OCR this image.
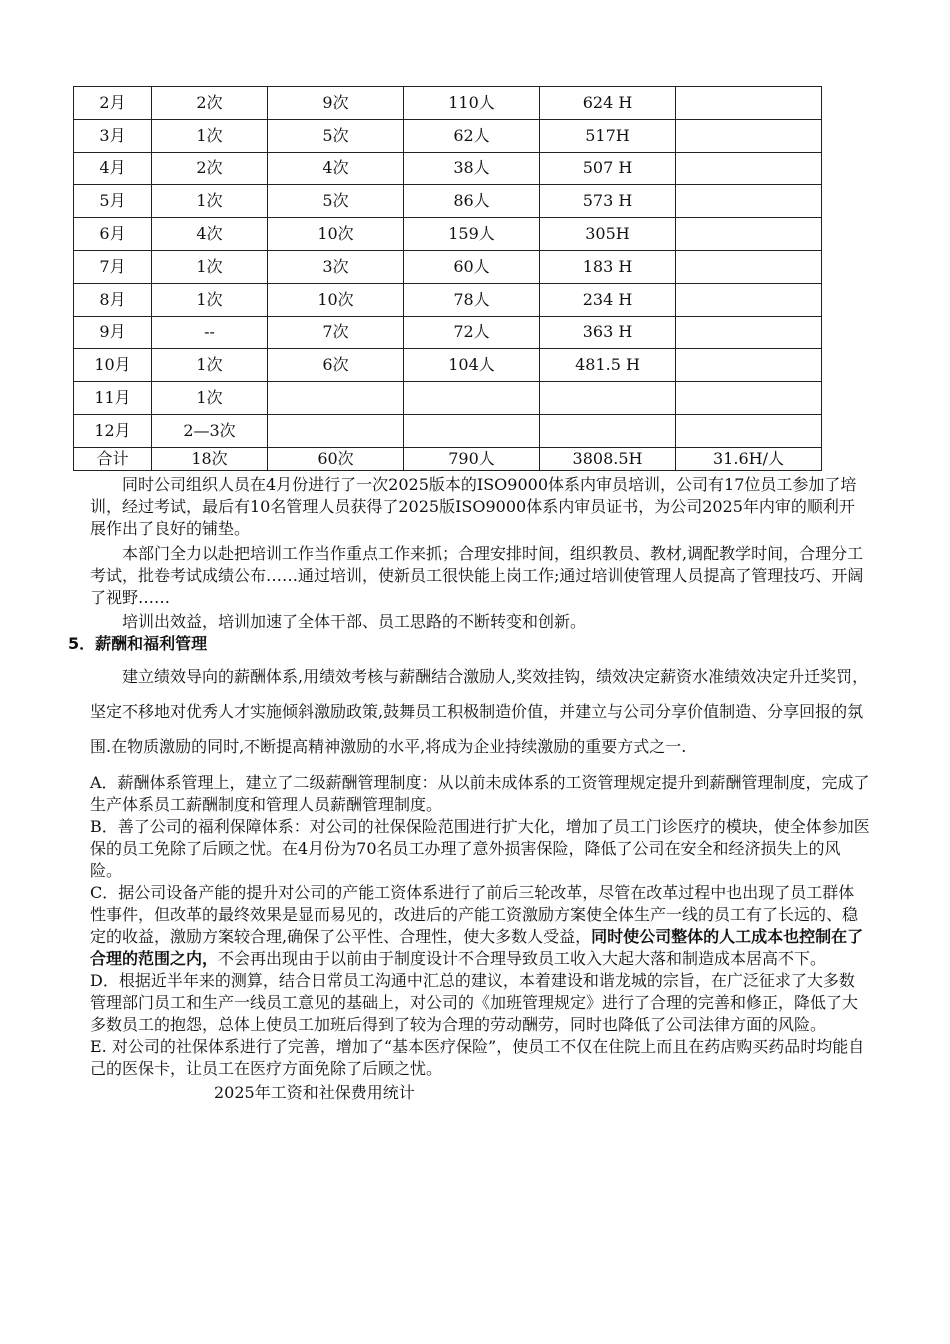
2月	2次	9次	110人	624 H	
3月	1次	5次	62人	517H	
4月	2次	4次	38人	507 H	
5月	1次	5次	86人	573 H	
6月	4次	10次	159人	305H	
7月	1次	3次	60人	183 H	
8月	1次	10次	78人	234 H	
9月	--	7次	72人	363 H	
10月	1次	6次	104人	481.5 H	
11月	1次				
12月	2—3次				
合计	18次	60次	790人	3808.5H	31.6H/人

同时公司组织人员在4月份进行了一次2025版本的ISO9000体系内审员培训，公司有17位员工参加了培训，经过考试，最后有10名管理人员获得了2025版ISO9000体系内审员证书，为公司2025年内审的顺利开展作出了良好的铺垫。

本部门全力以赴把培训工作当作重点工作来抓；合理安排时间，组织教员、教材,调配教学时间，合理分工考试，批卷考试成绩公布……通过培训，使新员工很快能上岗工作;通过培训使管理人员提高了管理技巧、开阔了视野……

培训出效益，培训加速了全体干部、员工思路的不断转变和创新。

5．薪酬和福利管理

建立绩效导向的薪酬体系,用绩效考核与薪酬结合激励人,奖效挂钩，绩效决定薪资水准绩效决定升迁奖罚，坚定不移地对优秀人才实施倾斜激励政策,鼓舞员工积极制造价值，并建立与公司分享价值制造、分享回报的氛围.在物质激励的同时,不断提高精神激励的水平,将成为企业持续激励的重要方式之一.

A．薪酬体系管理上，建立了二级薪酬管理制度：从以前未成体系的工资管理规定提升到薪酬管理制度，完成了生产体系员工薪酬制度和管理人员薪酬管理制度。

B．善了公司的福利保障体系：对公司的社保保险范围进行扩大化，增加了员工门诊医疗的模块，使全体参加医保的员工免除了后顾之忧。在4月份为70名员工办理了意外损害保险，降低了公司在安全和经济损失上的风险。

C．据公司设备产能的提升对公司的产能工资体系进行了前后三轮改革，尽管在改革过程中也出现了员工群体性事件，但改革的最终效果是显而易见的，改进后的产能工资激励方案使全体生产一线的员工有了长远的、稳定的收益，激励方案较合理,确保了公平性、合理性，使大多数人受益，同时使公司整体的人工成本也控制在了合理的范围之内，不会再出现由于以前由于制度设计不合理导致员工收入大起大落和制造成本居高不下。

D．根据近半年来的测算，结合日常员工沟通中汇总的建议，本着建设和谐龙城的宗旨，在广泛征求了大多数管理部门员工和生产一线员工意见的基础上，对公司的《加班管理规定》进行了合理的完善和修正，降低了大多数员工的抱怨，总体上使员工加班后得到了较为合理的劳动酬劳，同时也降低了公司法律方面的风险。

E. 对公司的社保体系进行了完善，增加了“基本医疗保险”，使员工不仅在住院上而且在药店购买药品时均能自己的医保卡，让员工在医疗方面免除了后顾之忧。

2025年工资和社保费用统计
